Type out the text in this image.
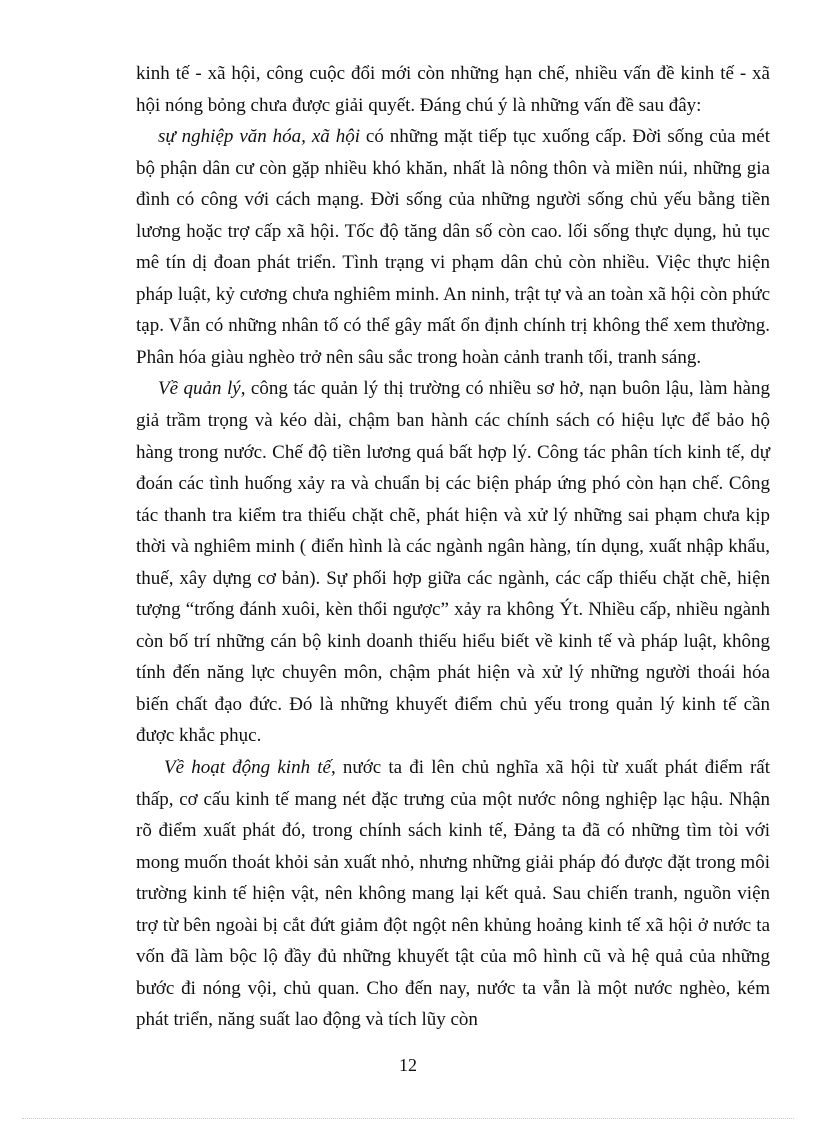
kinh tế - xã hội, công cuộc đổi mới còn những hạn chế, nhiều vấn đề kinh tế - xã hội nóng bỏng chưa được giải quyết. Đáng chú ý là những vấn đề sau đây:

sự nghiệp văn hóa, xã hội có những mặt tiếp tục xuống cấp. Đời sống của mét bộ phận dân cư còn gặp nhiều khó khăn, nhất là nông thôn và miền núi, những gia đình có công với cách mạng. Đời sống của những người sống chủ yếu bằng tiền lương hoặc trợ cấp xã hội. Tốc độ tăng dân số còn cao. lối sống thực dụng, hủ tục mê tín dị đoan phát triển. Tình trạng vi phạm dân chủ còn nhiều. Việc thực hiện pháp luật, kỷ cương chưa nghiêm minh. An ninh, trật tự và an toàn xã hội còn phức tạp. Vẫn có những nhân tố có thể gây mất ổn định chính trị không thể xem thường. Phân hóa giàu nghèo trở nên sâu sắc trong hoàn cảnh tranh tối, tranh sáng.

Về quản lý, công tác quản lý thị trường có nhiều sơ hở, nạn buôn lậu, làm hàng giả trầm trọng và kéo dài, chậm ban hành các chính sách có hiệu lực để bảo hộ hàng trong nước. Chế độ tiền lương quá bất hợp lý. Công tác phân tích kinh tế, dự đoán các tình huống xảy ra và chuẩn bị các biện pháp ứng phó còn hạn chế. Công tác thanh tra kiểm tra thiếu chặt chẽ, phát hiện và xử lý những sai phạm chưa kịp thời và nghiêm minh ( điển hình là các ngành ngân hàng, tín dụng, xuất nhập khẩu, thuế, xây dựng cơ bản). Sự phối hợp giữa các ngành, các cấp thiếu chặt chẽ, hiện tượng “trống đánh xuôi, kèn thổi ngược” xảy ra không Ýt. Nhiều cấp, nhiều ngành còn bố trí những cán bộ kinh doanh thiếu hiểu biết về kinh tế và pháp luật, không tính đến năng lực chuyên môn, chậm phát hiện và xử lý những người thoái hóa biến chất đạo đức. Đó là những khuyết điểm chủ yếu trong quản lý kinh tế cần được khắc phục.

Về hoạt động kinh tế, nước ta đi lên chủ nghĩa xã hội từ xuất phát điểm rất thấp, cơ cấu kinh tế mang nét đặc trưng của một nước nông nghiệp lạc hậu. Nhận rõ điểm xuất phát đó, trong chính sách kinh tế, Đảng ta đã có những tìm tòi với mong muốn thoát khỏi sản xuất nhỏ, nhưng những giải pháp đó được đặt trong môi trường kinh tế hiện vật, nên không mang lại kết quả. Sau chiến tranh, nguồn viện trợ từ bên ngoài bị cắt đứt giảm đột ngột nên khủng hoảng kinh tế xã hội ở nước ta vốn đã làm bộc lộ đầy đủ những khuyết tật của mô hình cũ và hệ quả của những bước đi nóng vội, chủ quan. Cho đến nay, nước ta vẫn là một nước nghèo, kém phát triển, năng suất lao động và tích lũy còn

12
